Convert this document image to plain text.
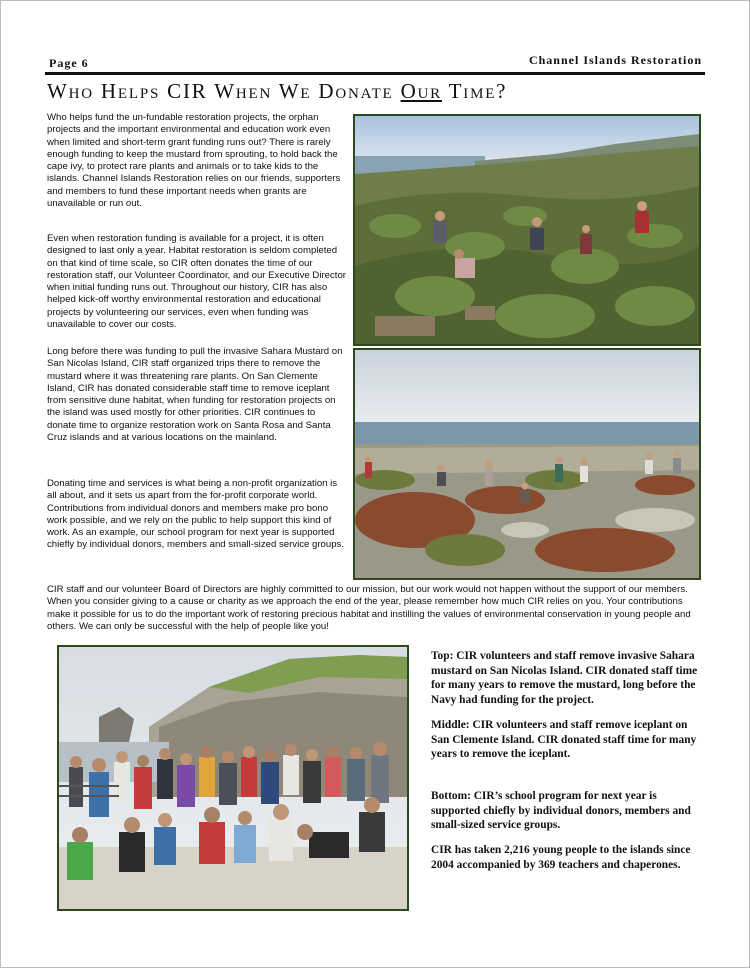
Page 6	Channel Islands Restoration
Who Helps CIR When We Donate Our Time?

Who helps fund the un-fundable restoration projects, the orphan projects and the important environmental and education work even when limited and short-term grant funding runs out? There is rarely enough funding to keep the mustard from sprouting, to hold back the cape ivy, to protect rare plants and animals or to take kids to the islands. Channel Islands Restoration relies on our friends, supporters and members to fund these important needs when grants are unavailable or run out.

Even when restoration funding is available for a project, it is often designed to last only a year. Habitat restoration is seldom completed on that kind of time scale, so CIR often donates the time of our restoration staff, our Volunteer Coordinator, and our Executive Director when initial funding runs out. Throughout our history, CIR has also helped kick-off worthy environmental restoration and educational projects by volunteering our services, even when funding was unavailable to cover our costs.

Long before there was funding to pull the invasive Sahara Mustard on San Nicolas Island, CIR staff organized trips there to remove the mustard where it was threatening rare plants. On San Clemente Island, CIR has donated considerable staff time to remove iceplant from sensitive dune habitat, when funding for restoration projects on the island was used mostly for other priorities. CIR continues to donate time to organize restoration work on Santa Rosa and Santa Cruz islands and at various locations on the mainland.

Donating time and services is what being a non-profit organization is all about, and it sets us apart from the for-profit corporate world. Contributions from individual donors and members make pro bono work possible, and we rely on the public to help support this kind of work. As an example, our school program for next year is supported chiefly by individual donors, members and small-sized service groups.

CIR staff and our volunteer Board of Directors are highly committed to our mission, but our work would not happen without the support of our members. When you consider giving to a cause or charity as we approach the end of the year, please remember how much CIR relies on you. Your contributions make it possible for us to do the important work of restoring precious habitat and instilling the values of environmental conservation in young people and others. We can only be successful with the help of people like you!

Top: CIR volunteers and staff remove invasive Sahara mustard on San Nicolas Island. CIR donated staff time for many years to remove the mustard, long before the Navy had funding for the project.

Middle: CIR volunteers and staff remove iceplant on San Clemente Island. CIR donated staff time for many years to remove the iceplant.

Bottom: CIR’s school program for next year is supported chiefly by individual donors, members and small-sized service groups.

CIR has taken 2,216 young people to the islands since 2004 accompanied by 369 teachers and chaperones.
